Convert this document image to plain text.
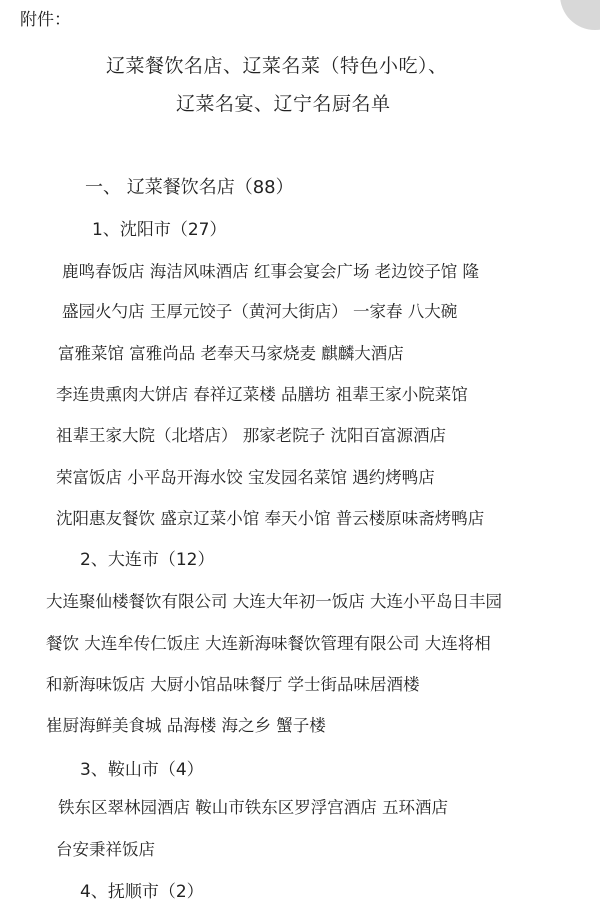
附件：
辽菜餐饮名店、辽菜名菜（特色小吃）、
辽菜名宴、辽宁名厨名单
一、 辽菜餐饮名店（88）
1、沈阳市（27）
鹿鸣春饭店 海洁风味酒店 红事会宴会广场 老边饺子馆 隆
盛园火勺店 王厚元饺子（黄河大街店） 一家春 八大碗
富雅菜馆 富雅尚品 老奉天马家烧麦 麒麟大酒店
李连贵熏肉大饼店 春祥辽菜楼 品膳坊 祖辈王家小院菜馆
祖辈王家大院（北塔店） 那家老院子 沈阳百富源酒店
荣富饭店 小平岛开海水饺 宝发园名菜馆 遇约烤鸭店
沈阳惠友餐饮 盛京辽菜小馆 奉天小馆 普云楼原味斋烤鸭店
2、大连市（12）
大连聚仙楼餐饮有限公司 大连大年初一饭店 大连小平岛日丰园
餐饮 大连牟传仁饭庄 大连新海味餐饮管理有限公司 大连将相
和新海味饭店 大厨小馆品味餐厅 学士街品味居酒楼
崔厨海鲜美食城 品海楼 海之乡 蟹子楼
3、鞍山市（4）
铁东区翠林园酒店 鞍山市铁东区罗浮宫酒店 五环酒店
台安秉祥饭店
4、抚顺市（2）
